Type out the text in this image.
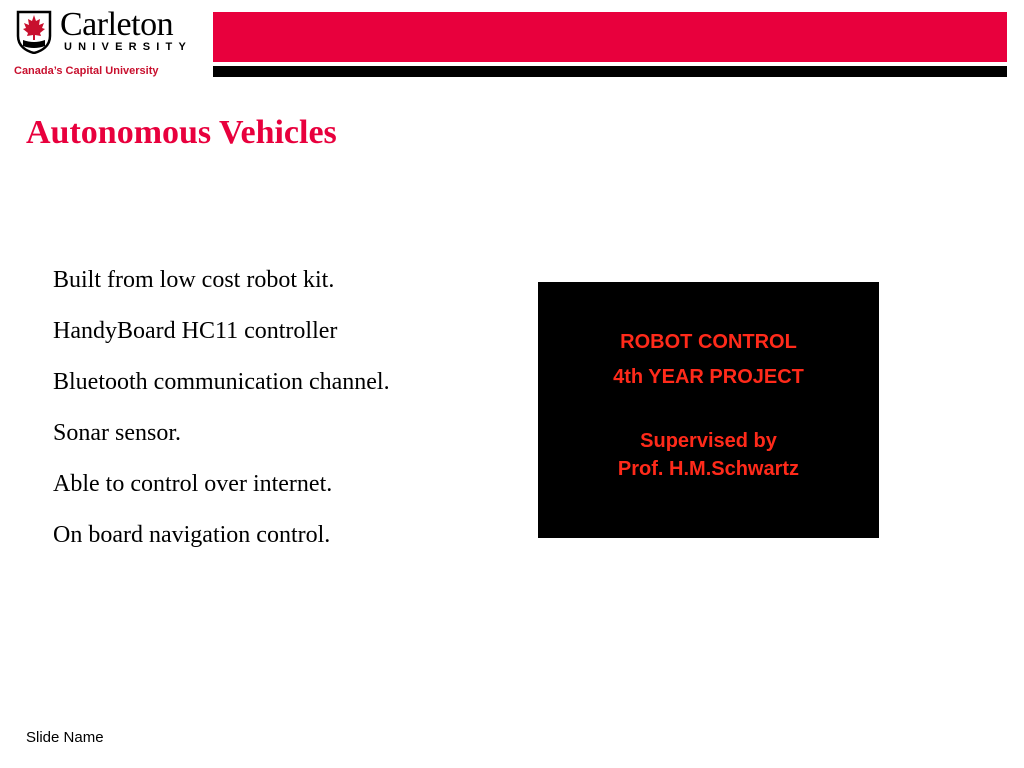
Carleton
UNIVERSITY
Canada’s Capital University
Autonomous Vehicles
Built from low cost robot kit.
HandyBoard HC11 controller
Bluetooth communication channel.
Sonar sensor.
Able to control over internet.
On board navigation control.
ROBOT CONTROL
4th YEAR PROJECT
Supervised by
Prof. H.M.Schwartz
Slide Name
